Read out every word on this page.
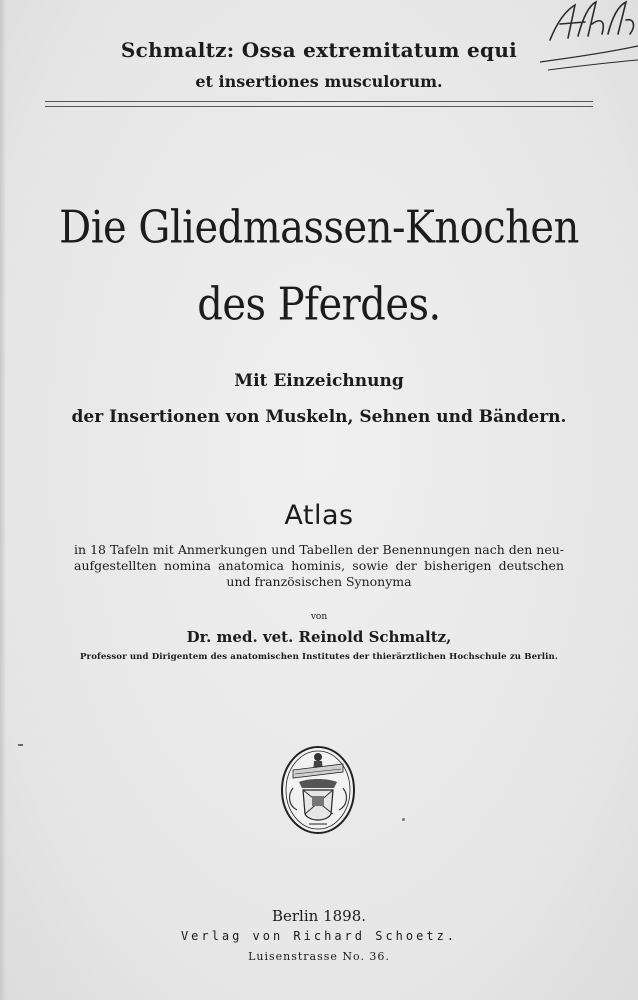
Schmaltz: Ossa extremitatum equi
et insertiones musculorum.
Die Gliedmassen-Knochen
des Pferdes.
Mit Einzeichnung
der Insertionen von Muskeln, Sehnen und Bändern.
Atlas
in 18 Tafeln mit Anmerkungen und Tabellen der Benennungen nach den neu-aufgestellten nomina anatomica hominis, sowie der bisherigen deutschen und französischen Synonyma
von
Dr. med. vet. Reinold Schmaltz,
Professor und Dirigentem des anatomischen Institutes der thierärztlichen Hochschule zu Berlin.
Berlin 1898.
Verlag von Richard Schoetz.
Luisenstrasse No. 36.
